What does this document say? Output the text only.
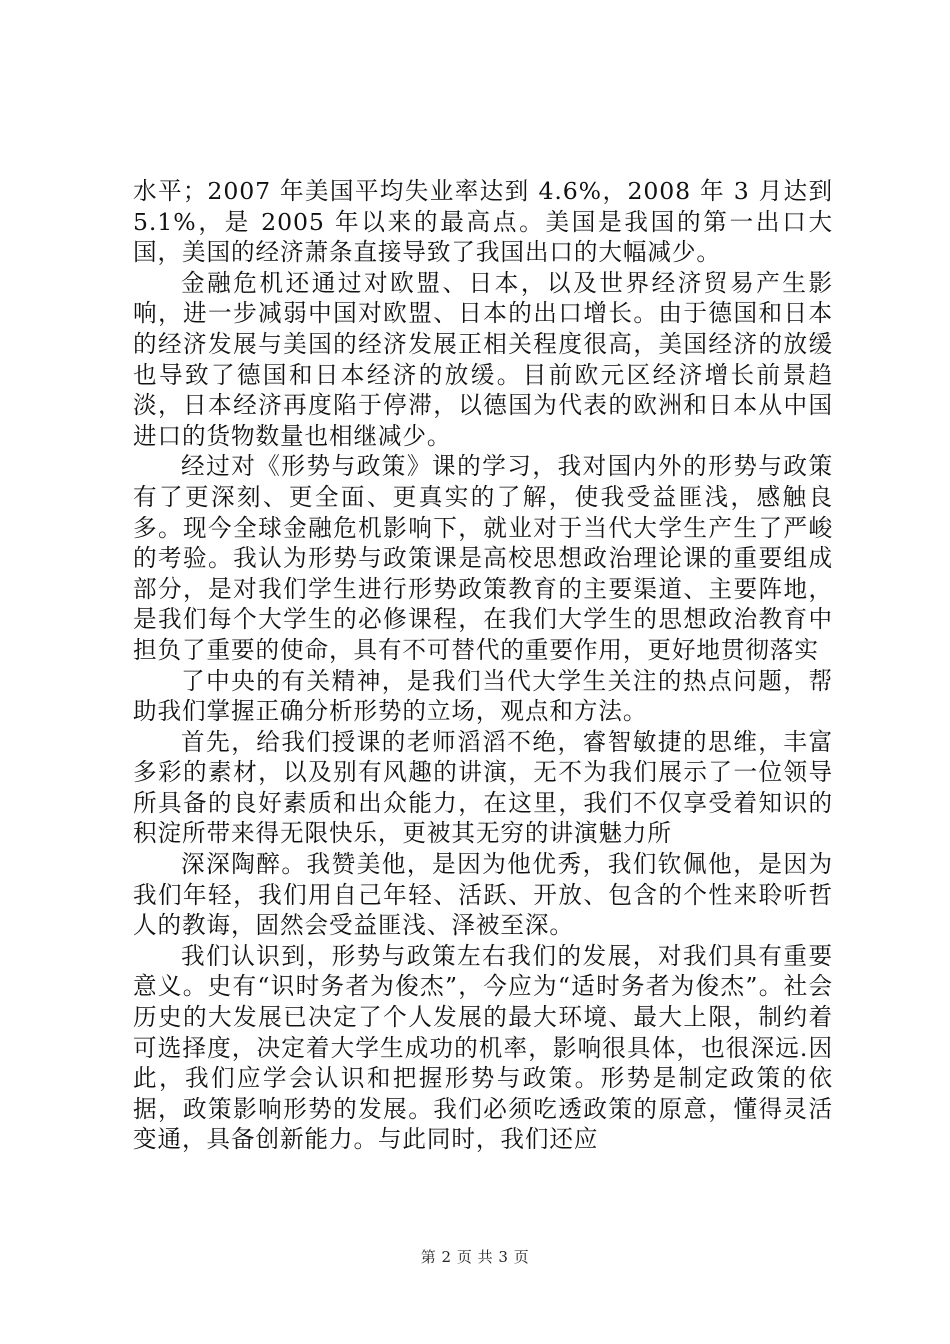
水平；2007 年美国平均失业率达到 4.6%，2008 年 3 月达到5.1%，是 2005 年以来的最高点。美国是我国的第一出口大国，美国的经济萧条直接导致了我国出口的大幅减少。

金融危机还通过对欧盟、日本，以及世界经济贸易产生影响，进一步减弱中国对欧盟、日本的出口增长。由于德国和日本的经济发展与美国的经济发展正相关程度很高，美国经济的放缓也导致了德国和日本经济的放缓。目前欧元区经济增长前景趋淡，日本经济再度陷于停滞，以德国为代表的欧洲和日本从中国进口的货物数量也相继减少。

经过对《形势与政策》课的学习，我对国内外的形势与政策有了更深刻、更全面、更真实的了解，使我受益匪浅，感触良多。现今全球金融危机影响下，就业对于当代大学生产生了严峻的考验。我认为形势与政策课是高校思想政治理论课的重要组成部分，是对我们学生进行形势政策教育的主要渠道、主要阵地，是我们每个大学生的必修课程，在我们大学生的思想政治教育中担负了重要的使命，具有不可替代的重要作用，更好地贯彻落实

了中央的有关精神，是我们当代大学生关注的热点问题，帮助我们掌握正确分析形势的立场，观点和方法。

首先，给我们授课的老师滔滔不绝，睿智敏捷的思维，丰富多彩的素材，以及别有风趣的讲演，无不为我们展示了一位领导所具备的良好素质和出众能力，在这里，我们不仅享受着知识的积淀所带来得无限快乐，更被其无穷的讲演魅力所

深深陶醉。我赞美他，是因为他优秀，我们钦佩他，是因为我们年轻，我们用自己年轻、活跃、开放、包含的个性来聆听哲人的教诲，固然会受益匪浅、泽被至深。

我们认识到，形势与政策左右我们的发展，对我们具有重要意义。史有“识时务者为俊杰”，今应为“适时务者为俊杰”。社会历史的大发展已决定了个人发展的最大环境、最大上限，制约着可选择度，决定着大学生成功的机率，影响很具体，也很深远.因此，我们应学会认识和把握形势与政策。形势是制定政策的依据，政策影响形势的发展。我们必须吃透政策的原意，懂得灵活变通，具备创新能力。与此同时，我们还应

第 2 页 共 3 页
